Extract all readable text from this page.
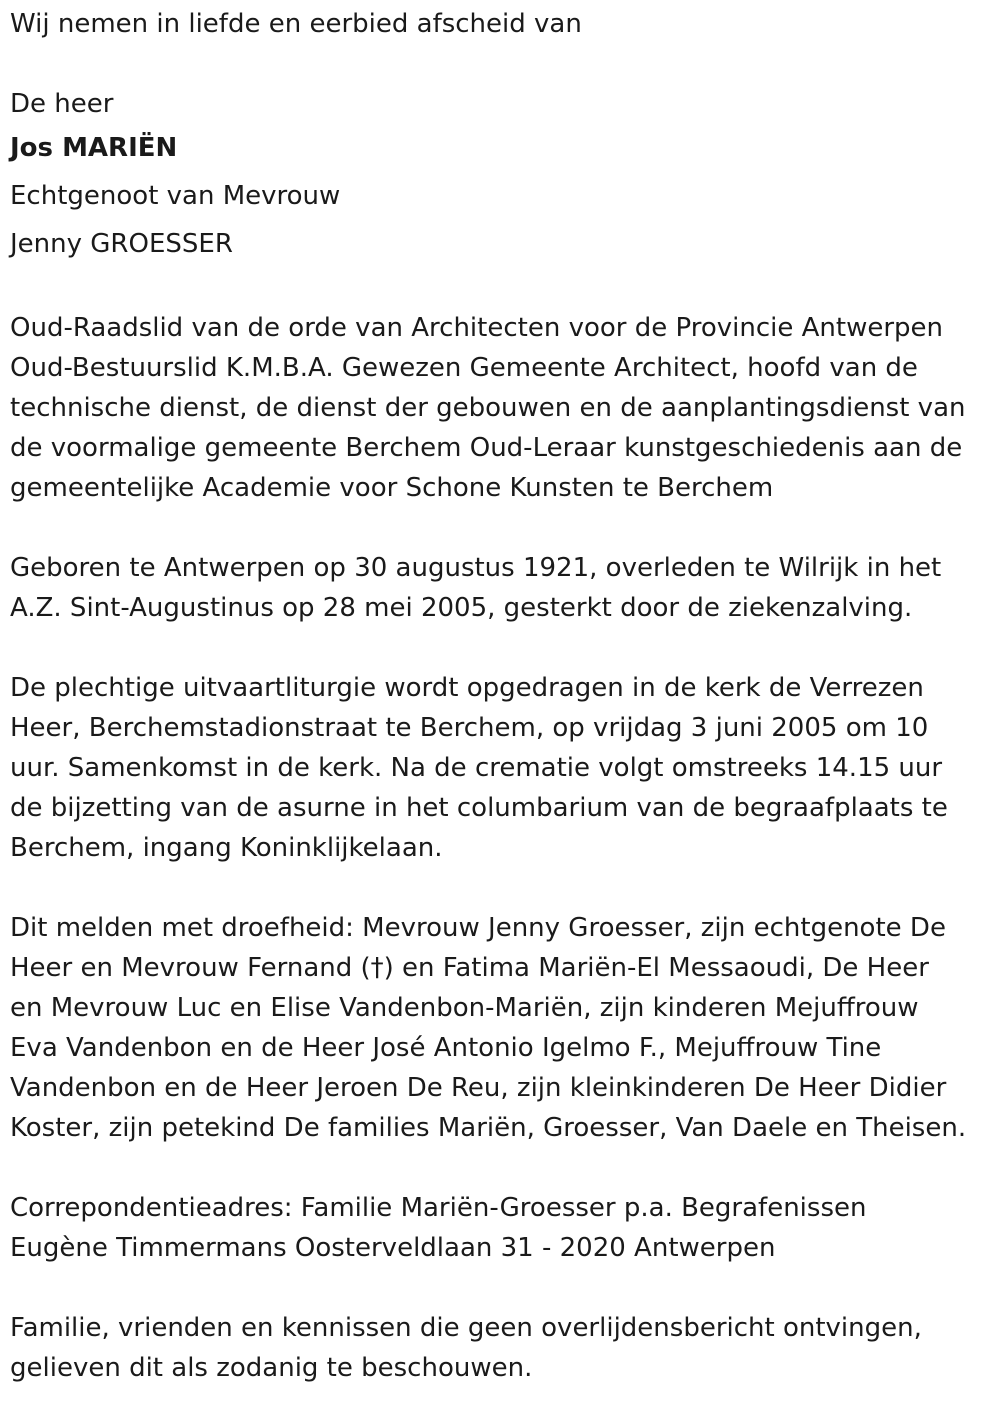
Wij nemen in liefde en eerbied afscheid van
De heer
Jos MARIËN
Echtgenoot van Mevrouw
Jenny GROESSER
Oud-Raadslid van de orde van Architecten voor de Provincie Antwerpen
Oud-Bestuurslid K.M.B.A. Gewezen Gemeente Architect, hoofd van de
technische dienst, de dienst der gebouwen en de aanplantingsdienst van
de voormalige gemeente Berchem Oud-Leraar kunstgeschiedenis aan de
gemeentelijke Academie voor Schone Kunsten te Berchem
Geboren te Antwerpen op 30 augustus 1921, overleden te Wilrijk in het
A.Z. Sint-Augustinus op 28 mei 2005, gesterkt door de ziekenzalving.
De plechtige uitvaartliturgie wordt opgedragen in de kerk de Verrezen
Heer, Berchemstadionstraat te Berchem, op vrijdag 3 juni 2005 om 10
uur. Samenkomst in de kerk. Na de crematie volgt omstreeks 14.15 uur
de bijzetting van de asurne in het columbarium van de begraafplaats te
Berchem, ingang Koninklijkelaan.
Dit melden met droefheid: Mevrouw Jenny Groesser, zijn echtgenote De
Heer en Mevrouw Fernand (†) en Fatima Mariën-El Messaoudi, De Heer
en Mevrouw Luc en Elise Vandenbon-Mariën, zijn kinderen Mejuffrouw
Eva Vandenbon en de Heer José Antonio Igelmo F., Mejuffrouw Tine
Vandenbon en de Heer Jeroen De Reu, zijn kleinkinderen De Heer Didier
Koster, zijn petekind De families Mariën, Groesser, Van Daele en Theisen.
Correpondentieadres: Familie Mariën-Groesser p.a. Begrafenissen
Eugène Timmermans Oosterveldlaan 31 - 2020 Antwerpen
Familie, vrienden en kennissen die geen overlijdensbericht ontvingen,
gelieven dit als zodanig te beschouwen.
